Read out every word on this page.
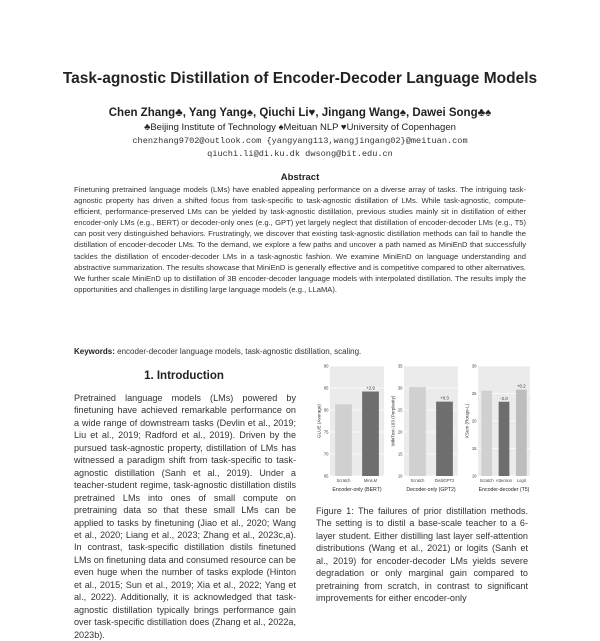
Task-agnostic Distillation of Encoder-Decoder Language Models
Chen Zhang♣, Yang Yang♠, Qiuchi Li♥, Jingang Wang♠, Dawei Song♣♠
♣Beijing Institute of Technology ♠Meituan NLP ♥University of Copenhagen
chenzhang9702@outlook.com {yangyang113,wangjingang02}@meituan.com
qiuchi.li@di.ku.dk dwsong@bit.edu.cn
Abstract
Finetuning pretrained language models (LMs) have enabled appealing performance on a diverse array of tasks. The intriguing task-agnostic property has driven a shifted focus from task-specific to task-agnostic distillation of LMs. While task-agnostic, compute-efficient, performance-preserved LMs can be yielded by task-agnostic distillation, previous studies mainly sit in distillation of either encoder-only LMs (e.g., BERT) or decoder-only ones (e.g., GPT) yet largely neglect that distillation of encoder-decoder LMs (e.g., T5) can posit very distinguished behaviors. Frustratingly, we discover that existing task-agnostic distillation methods can fail to handle the distillation of encoder-decoder LMs. To the demand, we explore a few paths and uncover a path named as MiniEnD that successfully tackles the distillation of encoder-decoder LMs in a task-agnostic fashion. We examine MiniEnD on language understanding and abstractive summarization. The results showcase that MiniEnD is generally effective and is competitive compared to other alternatives. We further scale MiniEnD up to distillation of 3B encoder-decoder language models with interpolated distillation. The results imply the opportunities and challenges in distilling large language models (e.g., LLaMA).
Keywords: encoder-decoder language models, task-agnostic distillation, scaling.
1. Introduction
Pretrained language models (LMs) powered by finetuning have achieved remarkable performance on a wide range of downstream tasks (Devlin et al., 2019; Liu et al., 2019; Radford et al., 2019). Driven by the pursued task-agnostic property, distillation of LMs has witnessed a paradigm shift from task-specific to task-agnostic distillation (Sanh et al., 2019). Under a teacher-student regime, task-agnostic distillation distils pretrained LMs into ones of small compute on pretraining data so that these small LMs can be applied to tasks by finetuning (Jiao et al., 2020; Wang et al., 2020; Liang et al., 2023; Zhang et al., 2023c,a). In contrast, task-specific distillation distils finetuned LMs on finetuning data and consumed resource can be even huge when the number of tasks explode (Hinton et al., 2015; Sun et al., 2019; Xia et al., 2022; Yang et al., 2022). Additionally, it is acknowledged that task-agnostic distillation typically brings performance gain over task-specific distillation does (Zhang et al., 2022a, 2023b).
65
70
75
80
85
90
Scratch
+2.9
MiniLM
Encoder-only (BERT)
GLUE (Average)
10
15
20
25
30
35
Scratch
+0.3
DistilGPT2
Decoder-only (GPT2)
WikiText-103 (Perplexity)
10
15
20
25
30
Scratch
-2.0
Attention
+0.2
Logit
Encoder-decoder (T5)
XSum (Rouge-L)
Figure 1: The failures of prior distillation methods. The setting is to distil a base-scale teacher to a 6-layer student. Either distilling last layer self-attention distributions (Wang et al., 2021) or logits (Sanh et al., 2019) for encoder-decoder LMs yields severe degradation or only marginal gain compared to pretraining from scratch, in contrast to significant improvements for either encoder-only
